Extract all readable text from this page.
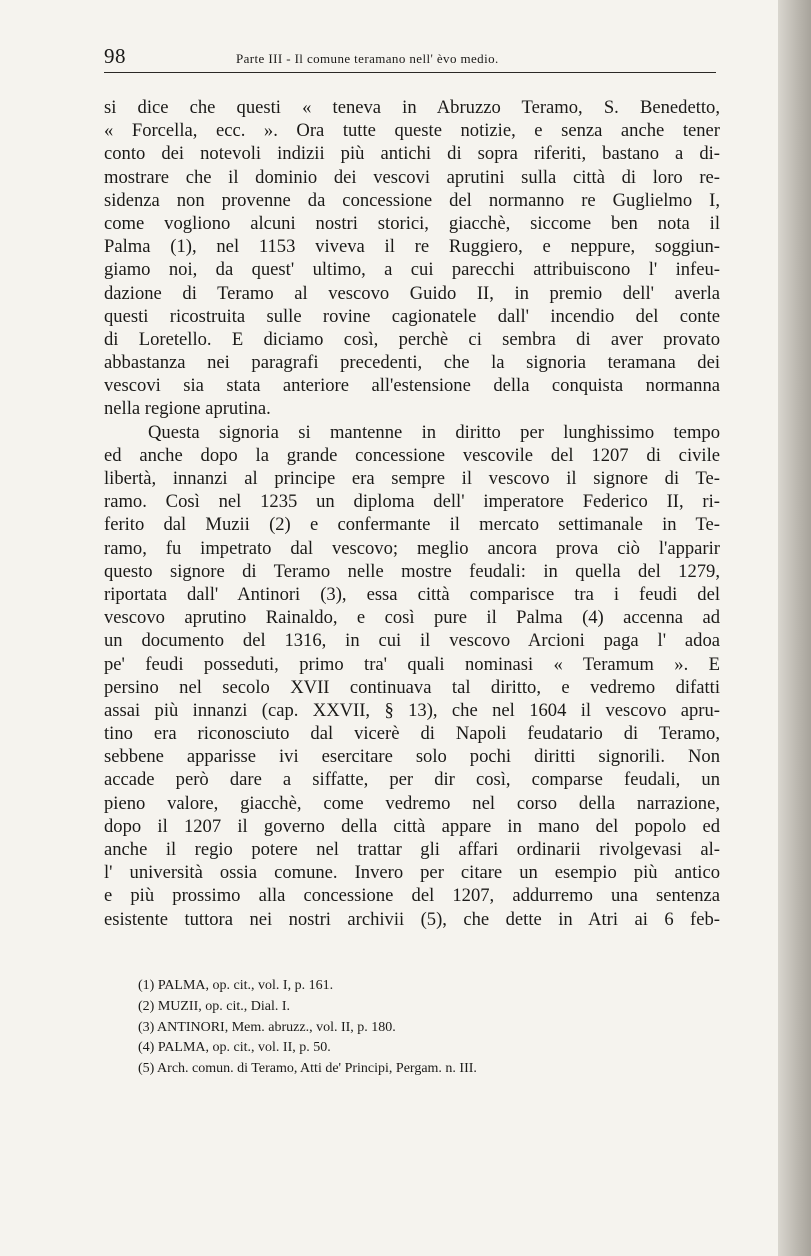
98	Parte III - Il comune teramano nell' èvo medio.
si dice che questi « teneva in Abruzzo Teramo, S. Benedetto,
« Forcella, ecc. ». Ora tutte queste notizie, e senza anche tener
conto dei notevoli indizii più antichi di sopra riferiti, bastano a di-
mostrare che il dominio dei vescovi aprutini sulla città di loro re-
sidenza non provenne da concessione del normanno re Guglielmo I,
come vogliono alcuni nostri storici, giacchè, siccome ben nota il
Palma (1), nel 1153 viveva il re Ruggiero, e neppure, soggiun-
giamo noi, da quest' ultimo, a cui parecchi attribuiscono l' infeu-
dazione di Teramo al vescovo Guido II, in premio dell' averla
questi ricostruita sulle rovine cagionatele dall' incendio del conte
di Loretello. E diciamo così, perchè ci sembra di aver provato
abbastanza nei paragrafi precedenti, che la signoria teramana dei
vescovi sia stata anteriore all'estensione della conquista normanna
nella regione aprutina.
Questa signoria si mantenne in diritto per lunghissimo tempo
ed anche dopo la grande concessione vescovile del 1207 di civile
libertà, innanzi al principe era sempre il vescovo il signore di Te-
ramo. Così nel 1235 un diploma dell' imperatore Federico II, ri-
ferito dal Muzii (2) e confermante il mercato settimanale in Te-
ramo, fu impetrato dal vescovo; meglio ancora prova ciò l'apparir
questo signore di Teramo nelle mostre feudali: in quella del 1279,
riportata dall' Antinori (3), essa città comparisce tra i feudi del
vescovo aprutino Rainaldo, e così pure il Palma (4) accenna ad
un documento del 1316, in cui il vescovo Arcioni paga l' adoa
pe' feudi posseduti, primo tra' quali nominasi « Teramum ». E
persino nel secolo XVII continuava tal diritto, e vedremo difatti
assai più innanzi (cap. XXVII, § 13), che nel 1604 il vescovo apru-
tino era riconosciuto dal vicerè di Napoli feudatario di Teramo,
sebbene apparisse ivi esercitare solo pochi diritti signorili. Non
accade però dare a siffatte, per dir così, comparse feudali, un
pieno valore, giacchè, come vedremo nel corso della narrazione,
dopo il 1207 il governo della città appare in mano del popolo ed
anche il regio potere nel trattar gli affari ordinarii rivolgevasi al-
l' università ossia comune. Invero per citare un esempio più antico
e più prossimo alla concessione del 1207, addurremo una sentenza
esistente tuttora nei nostri archivii (5), che dette in Atri ai 6 feb-
(1) PALMA, op. cit., vol. I, p. 161.
(2) MUZII, op. cit., Dial. I.
(3) ANTINORI, Mem. abruzz., vol. II, p. 180.
(4) PALMA, op. cit., vol. II, p. 50.
(5) Arch. comun. di Teramo, Atti de' Principi, Pergam. n. III.
